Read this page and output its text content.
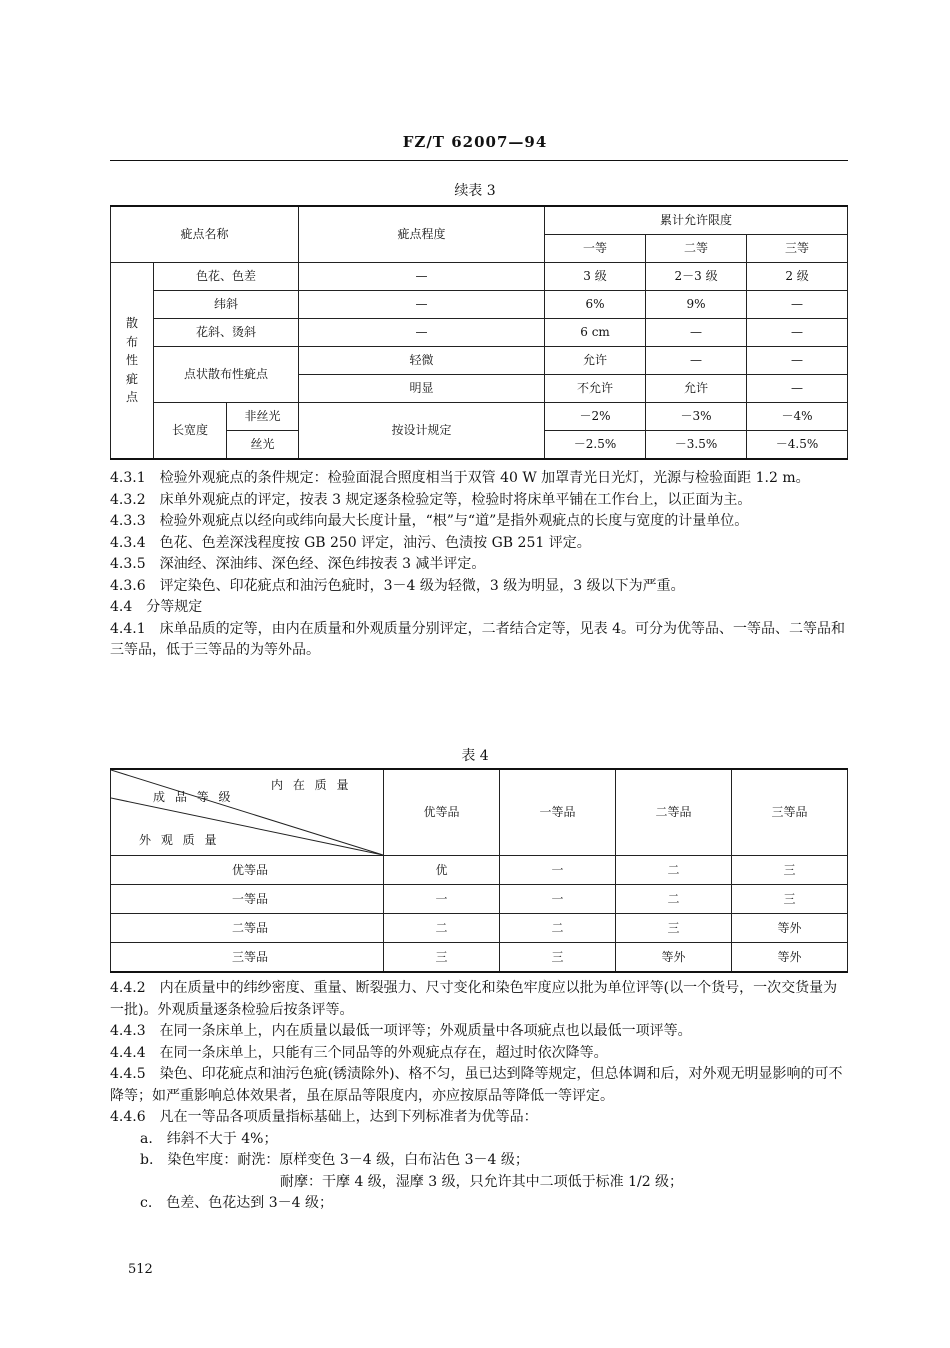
FZ/T 62007—94
续表 3
疵点名称			疵点程度	累计允许限度		
				一等	二等	三等

散布性疵点	色花、色差		—	3 级	2－3 级	2 级
	纬斜		—	6%	9%	—
	花斜、烫斜		—	6 cm	—	—
	点状散布性疵点		轻微	允许	—	—
			明显	不允许	允许	—
	长宽度	非丝光	按设计规定	－2%	－3%	－4%
		丝光		－2.5%	－3.5%	－4.5%

4.3.1　检验外观疵点的条件规定：检验面混合照度相当于双管 40 W 加罩青光日光灯，光源与检验面距 1.2 m。

4.3.2　床单外观疵点的评定，按表 3 规定逐条检验定等，检验时将床单平铺在工作台上，以正面为主。

4.3.3　检验外观疵点以经向或纬向最大长度计量，“根”与“道”是指外观疵点的长度与宽度的计量单位。

4.3.4　色花、色差深浅程度按 GB 250 评定，油污、色渍按 GB 251 评定。

4.3.5　深油经、深油纬、深色经、深色纬按表 3 减半评定。

4.3.6　评定染色、印花疵点和油污色疵时，3－4 级为轻微，3 级为明显，3 级以下为严重。

4.4　分等规定

4.4.1　床单品质的定等，由内在质量和外观质量分别评定，二者结合定等，见表 4。可分为优等品、一等品、二等品和三等品，低于三等品的为等外品。

表 4
内 在 质 量
成 品 等 级
外 观 质 量	优等品	一等品	二等品	三等品
优等品	优	一	二	三
一等品	一	一	二	三
二等品	二	二	三	等外
三等品	三	三	等外	等外

4.4.2　内在质量中的纬纱密度、重量、断裂强力、尺寸变化和染色牢度应以批为单位评等(以一个货号，一次交货量为一批)。外观质量逐条检验后按条评等。

4.4.3　在同一条床单上，内在质量以最低一项评等；外观质量中各项疵点也以最低一项评等。

4.4.4　在同一条床单上，只能有三个同品等的外观疵点存在，超过时依次降等。

4.4.5　染色、印花疵点和油污色疵(锈渍除外)、格不匀，虽已达到降等规定，但总体调和后，对外观无明显影响的可不降等；如严重影响总体效果者，虽在原品等限度内，亦应按原品等降低一等评定。

4.4.6　凡在一等品各项质量指标基础上，达到下列标准者为优等品：

a.　纬斜不大于 4%；

b.　染色牢度：耐洗：原样变色 3－4 级，白布沾色 3－4 级；

耐摩：干摩 4 级，湿摩 3 级，只允许其中二项低于标准 1/2 级；

c.　色差、色花达到 3－4 级；

512
